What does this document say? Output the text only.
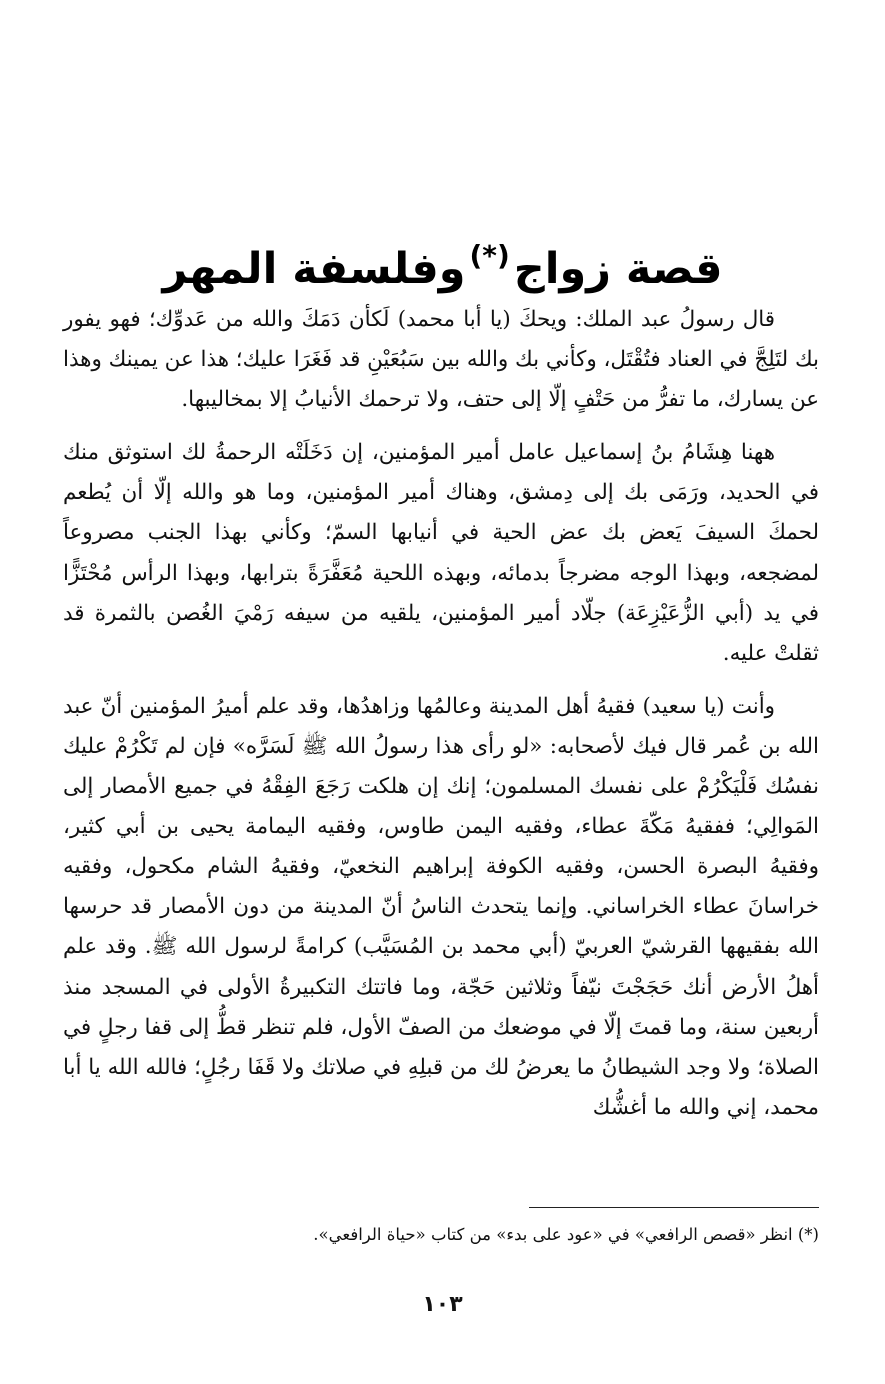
قصة زواج(*)وفلسفة المهر

قال رسولُ عبد الملك: ويحكَ (يا أبا محمد) لَكأن دَمَكَ والله من عَدوِّك؛ فهو يفور بك لتَلِجَّ في العناد فتُقْتَل، وكأني بك والله بين سَبُعَيْنِ قد فَغَرَا عليك؛ هذا عن يمينك وهذا عن يسارك، ما تفرُّ من حَتْفٍ إلّا إلى حتف، ولا ترحمك الأنيابُ إلا بمخاليبها.

ههنا هِشَامُ بنُ إسماعيل عامل أمير المؤمنين، إن دَخَلَتْه الرحمةُ لك استوثق منك في الحديد، ورَمَى بك إلى دِمشق، وهناك أمير المؤمنين، وما هو والله إلّا أن يُطعم لحمكَ السيفَ يَعض بك عض الحية في أنيابها السمّ؛ وكأني بهذا الجنب مصروعاً لمضجعه، وبهذا الوجه مضرجاً بدمائه، وبهذه اللحية مُعَفَّرَةً بترابها، وبهذا الرأس مُحْتَزًّا في يد (أبي الزُّعَيْزِعَة) جلّاد أمير المؤمنين، يلقيه من سيفه رَمْيَ الغُصن بالثمرة قد ثقلتْ عليه.

وأنت (يا سعيد) فقيهُ أهل المدينة وعالمُها وزاهدُها، وقد علم أميرُ المؤمنين أنّ عبد الله بن عُمر قال فيك لأصحابه: «لو رأى هذا رسولُ الله ﷺ لَسَرَّه» فإن لم تَكْرُمْ عليك نفسُك فَلْيَكْرُمْ على نفسك المسلمون؛ إنك إن هلكت رَجَعَ الفِقْهُ في جميع الأمصار إلى المَوالِي؛ ففقيهُ مَكّةَ عطاء، وفقيه اليمن طاوس، وفقيه اليمامة يحيى بن أبي كثير، وفقيهُ البصرة الحسن، وفقيه الكوفة إبراهيم النخعيّ، وفقيهُ الشام مكحول، وفقيه خراسانَ عطاء الخراساني. وإنما يتحدث الناسُ أنّ المدينة من دون الأمصار قد حرسها الله بفقيهها القرشيّ العربيّ (أبي محمد بن المُسَيَّب) كرامةً لرسول الله ﷺ. وقد علم أهلُ الأرض أنك حَجَجْتَ نيّفاً وثلاثين حَجّة، وما فاتتك التكبيرةُ الأولى في المسجد منذ أربعين سنة، وما قمتَ إلّا في موضعك من الصفّ الأول، فلم تنظر قطُّ إلى قفا رجلٍ في الصلاة؛ ولا وجد الشيطانُ ما يعرضُ لك من قبلِهِ في صلاتك ولا قَفَا رجُلٍ؛ فالله الله يا أبا محمد، إني والله ما أغشُّك

(*) انظر «قصص الرافعي» في «عود على بدء» من كتاب «حياة الرافعي».
١٠٣
